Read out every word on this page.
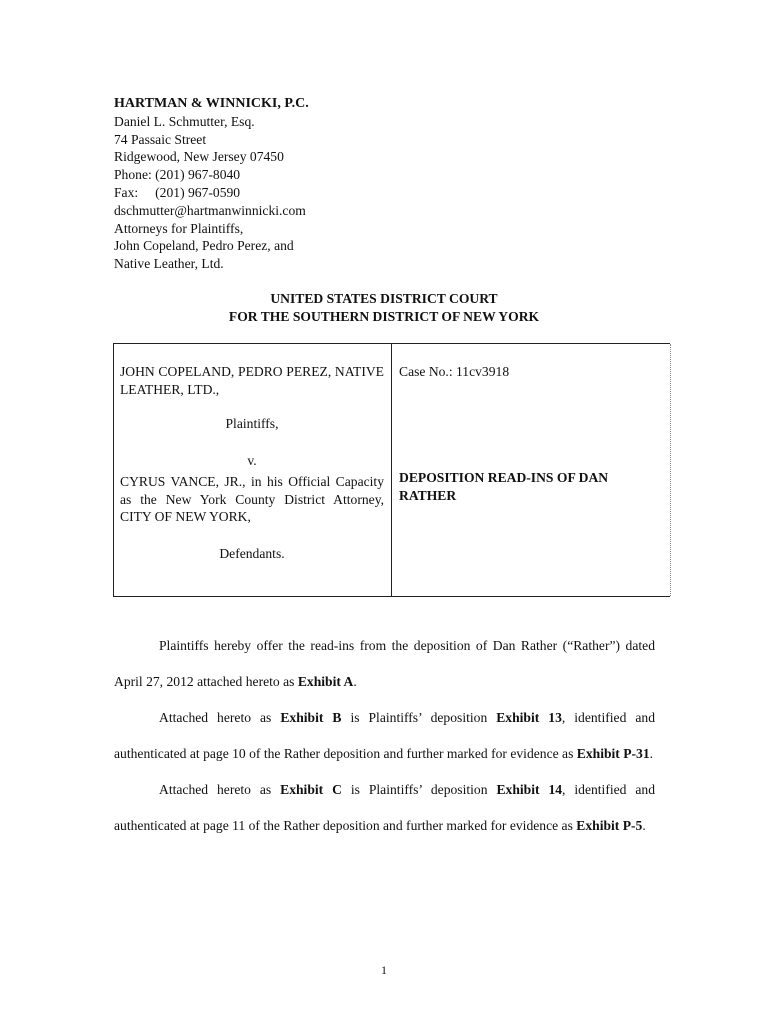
HARTMAN & WINNICKI, P.C.
Daniel L. Schmutter, Esq.
74 Passaic Street
Ridgewood, New Jersey 07450
Phone: (201) 967-8040
Fax:     (201) 967-0590
dschmutter@hartmanwinnicki.com
Attorneys for Plaintiffs,
John Copeland, Pedro Perez, and
Native Leather, Ltd.
UNITED STATES DISTRICT COURT
FOR THE SOUTHERN DISTRICT OF NEW YORK
JOHN COPELAND, PEDRO PEREZ, NATIVE LEATHER, LTD.,
Plaintiffs,
v.
CYRUS VANCE, JR., in his Official Capacity as the New York County District Attorney, CITY OF NEW YORK,
Defendants.
Case No.: 11cv3918
DEPOSITION READ-INS OF DAN RATHER

Plaintiffs hereby offer the read-ins from the deposition of Dan Rather (“Rather”) dated April 27, 2012 attached hereto as Exhibit A.

Attached hereto as Exhibit B is Plaintiffs’ deposition Exhibit 13, identified and authenticated at page 10 of the Rather deposition and further marked for evidence as Exhibit P-31.

Attached hereto as Exhibit C is Plaintiffs’ deposition Exhibit 14, identified and authenticated at page 11 of the Rather deposition and further marked for evidence as Exhibit P-5.

1
